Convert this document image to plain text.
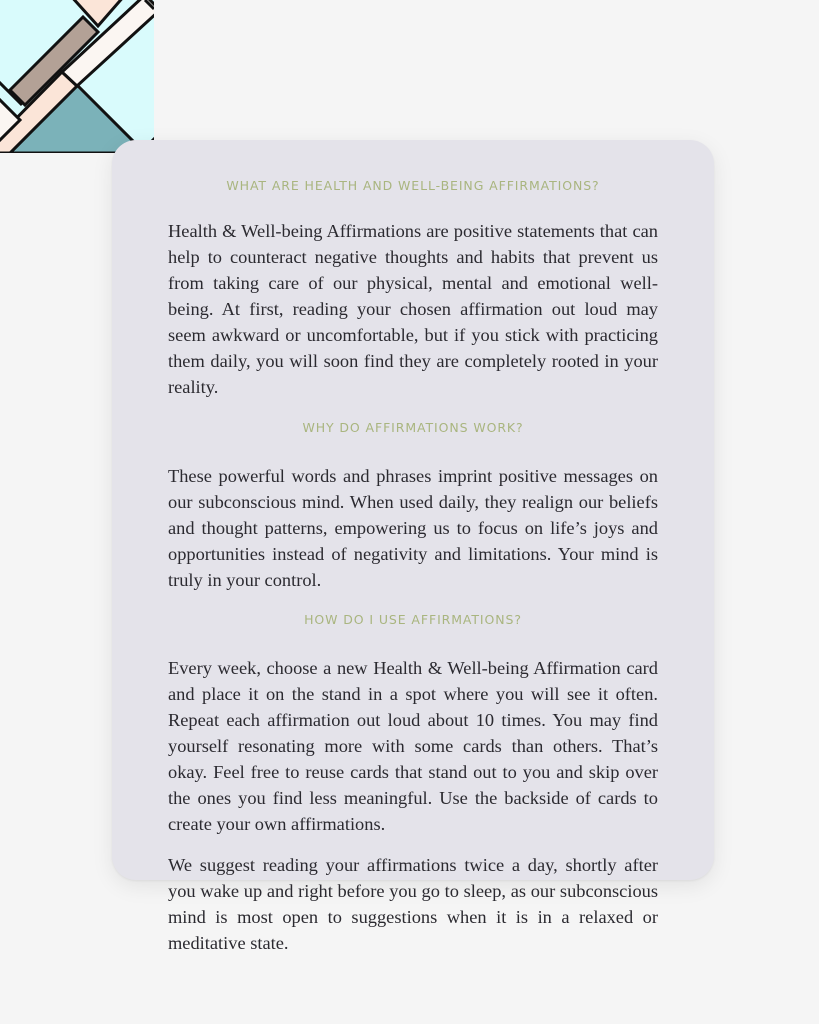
WHAT ARE HEALTH AND WELL-BEING AFFIRMATIONS?

Health & Well-being Affirmations are positive statements that can help to counteract negative thoughts and habits that prevent us from taking care of our physical, mental and emotional well-being. At first, reading your chosen affirmation out loud may seem awkward or uncomfortable, but if you stick with practicing them daily, you will soon find they are completely rooted in your reality.

WHY DO AFFIRMATIONS WORK?

These powerful words and phrases imprint positive messages on our subconscious mind. When used daily, they realign our beliefs and thought patterns, empowering us to focus on life’s joys and opportunities instead of negativity and limitations. Your mind is truly in your control.

HOW DO I USE AFFIRMATIONS?

Every week, choose a new Health & Well-being Affirmation card and place it on the stand in a spot where you will see it often. Repeat each affirmation out loud about 10 times. You may find yourself resonating more with some cards than others. That’s okay. Feel free to reuse cards that stand out to you and skip over the ones you find less meaningful. Use the backside of cards to create your own affirmations.

We suggest reading your affirmations twice a day, shortly after you wake up and right before you go to sleep, as our subconscious mind is most open to suggestions when it is in a relaxed or meditative state.
